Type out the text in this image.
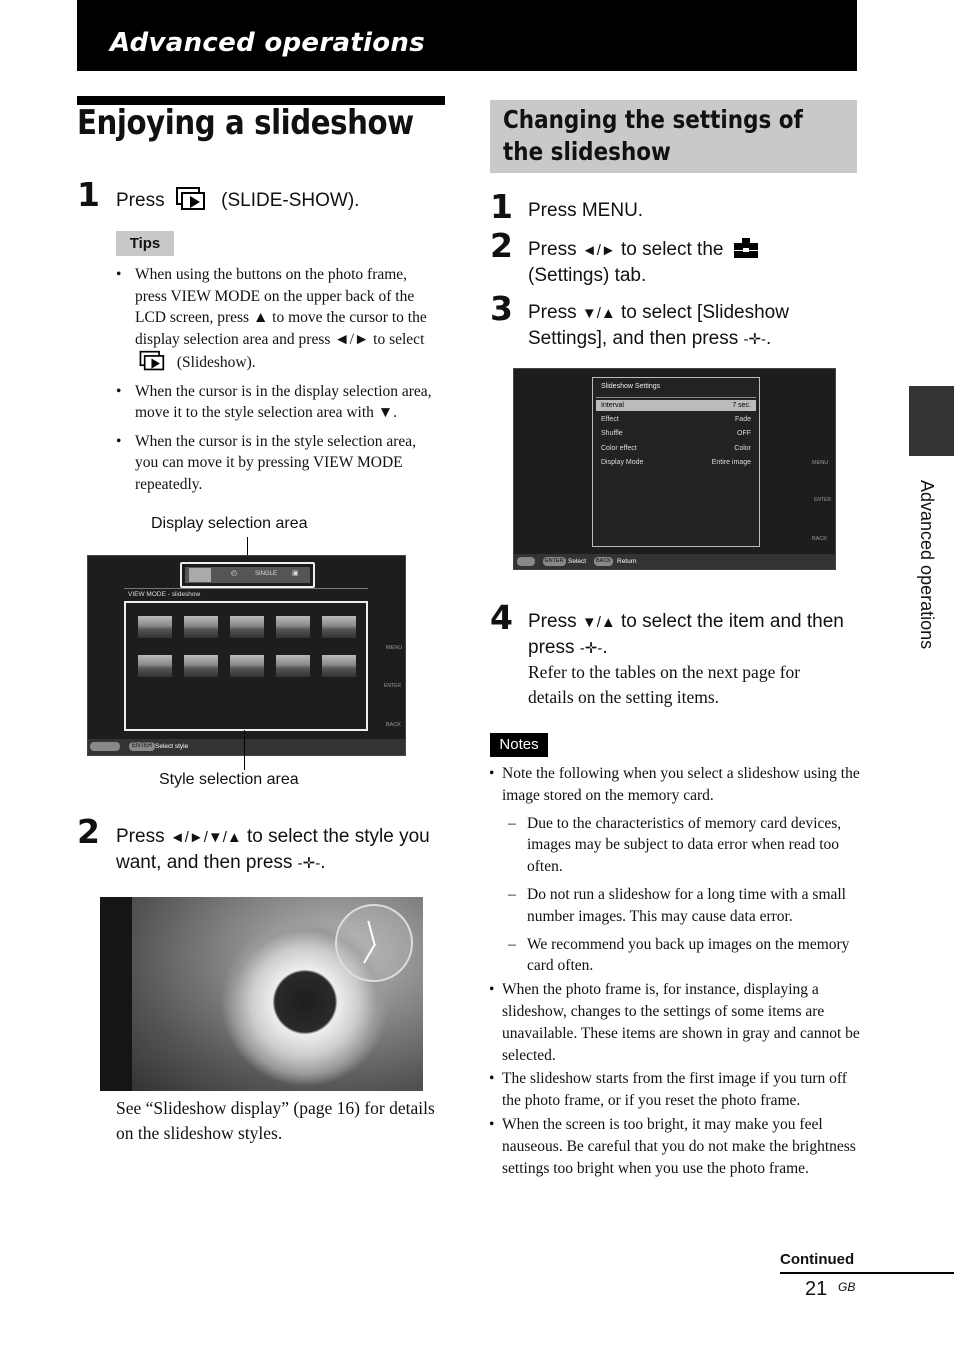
Advanced operations
Enjoying a slideshow
1 Press	(SLIDE-SHOW).
Tips
• When using the buttons on the photo frame, press VIEW MODE on the upper back of the LCD screen, press ▲ to move the cursor to the display selection area and press ◄/► to select  (Slideshow).
• When the cursor is in the display selection area, move it to the style selection area with ▼.
• When the cursor is in the style selection area, you can move it by pressing VIEW MODE repeatedly.
Display selection area
◴	SINGLE ▣
VIEW MODE - slideshow
MENU
ENTER
BACK
ENTER Select style
Style selection area
2 Press ◄/►/▼/▲ to select the style you want, and then press -✛-.
See “Slideshow display” (page 16) for details on the slideshow styles.
Changing the settings of the slideshow
1 Press MENU.
2 Press ◄/► to select the
(Settings) tab.
3 Press ▼/▲ to select [Slideshow Settings], and then press -✛-.
Slideshow Settings
Interval	7 sec.
Effect	Fade
Shuffle	OFF
Color effect	Color
Display Mode	Entire image	MENU
ENTER
BACK
ENTER Select	BACK Return
4 Press ▼/▲ to select the item and then press -✛-.
Refer to the tables on the next page for details on the setting items.
Notes
• Note the following when you select a slideshow using the image stored on the memory card.
– Due to the characteristics of memory card devices, images may be subject to data error when read too often.
– Do not run a slideshow for a long time with a small number images. This may cause data error.
– We recommend you back up images on the memory card often.
• When the photo frame is, for instance, displaying a slideshow, changes to the settings of some items are unavailable. These items are shown in gray and cannot be selected.
• The slideshow starts from the first image if you turn off the photo frame, or if you reset the photo frame.
• When the screen is too bright, it may make you feel nauseous. Be careful that you do not make the brightness settings too bright when you use the photo frame.
Advanced operations
Continued
21 GB
